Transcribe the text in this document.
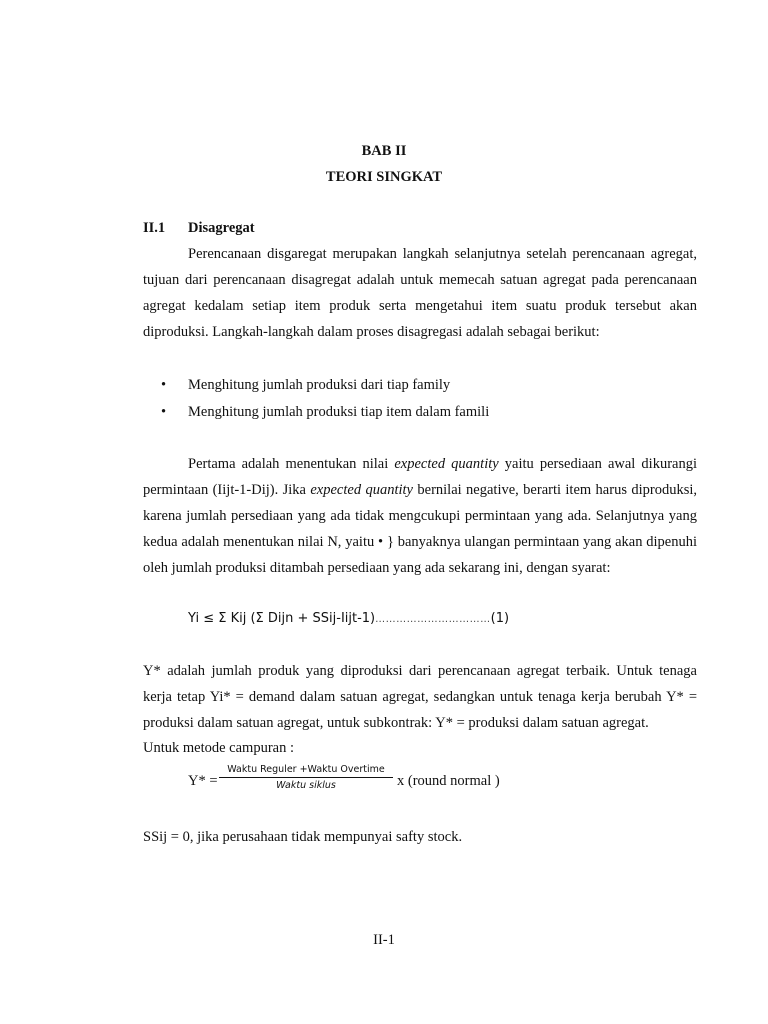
BAB II
TEORI SINGKAT
II.1 Disagregat

Perencanaan disgaregat merupakan langkah selanjutnya setelah perencanaan agregat, tujuan dari perencanaan disagregat adalah untuk memecah satuan agregat pada perencanaan agregat kedalam setiap item produk serta mengetahui item suatu produk tersebut akan diproduksi. Langkah-langkah dalam proses disagregasi adalah sebagai berikut:

• Menghitung jumlah produksi dari tiap family
• Menghitung jumlah produksi tiap item dalam famili

Pertama adalah menentukan nilai expected quantity yaitu persediaan awal dikurangi permintaan (Iijt-1-Dij). Jika expected quantity bernilai negative, berarti item harus diproduksi, karena jumlah persediaan yang ada tidak mengcukupi permintaan yang ada. Selanjutnya yang kedua adalah menentukan nilai N, yaitu • } banyaknya ulangan permintaan yang akan dipenuhi oleh jumlah produksi ditambah persediaan yang ada sekarang ini, dengan syarat:

Yi ≤ Σ Kij (Σ Dijn + SSij-Iijt-1)……………………………(1)

Y* adalah jumlah produk yang diproduksi dari perencanaan agregat terbaik. Untuk tenaga kerja tetap Yi* = demand dalam satuan agregat, sedangkan untuk tenaga kerja berubah Y* = produksi dalam satuan agregat, untuk subkontrak: Y* = produksi dalam satuan agregat.

Untuk metode campuran :
Y* =
Waktu Reguler +Waktu Overtime
Waktu siklus	x (round normal )
SSij = 0, jika perusahaan tidak mempunyai safty stock.
II-1
